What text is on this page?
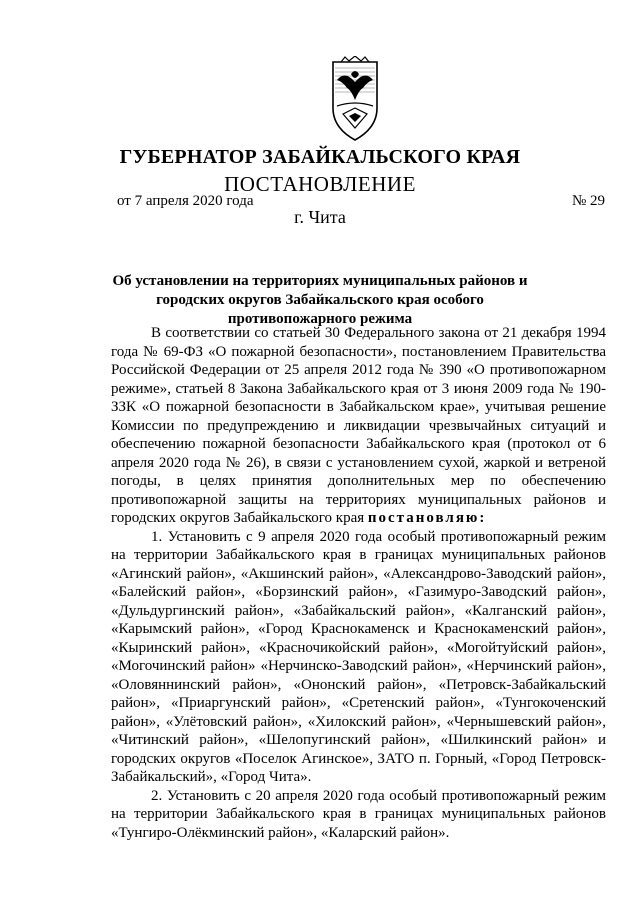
ГУБЕРНАТОР ЗАБАЙКАЛЬСКОГО КРАЯ
ПОСТАНОВЛЕНИЕ
от 7 апреля 2020 года	№ 29
г. Чита
Об установлении на территориях муниципальных районов и городских округов Забайкальского края особого противопожарного режима

В соответствии со статьей 30 Федерального закона от 21 декабря 1994 года № 69-ФЗ «О пожарной безопасности», постановлением Правительства Российской Федерации от 25 апреля 2012 года № 390 «О противопожарном режиме», статьей 8 Закона Забайкальского края от 3 июня 2009 года № 190-ЗЗК «О пожарной безопасности в Забайкальском крае», учитывая решение Комиссии по предупреждению и ликвидации чрезвычайных ситуаций и обеспечению пожарной безопасности Забайкальского края (протокол от 6 апреля 2020 года № 26), в связи с установлением сухой, жаркой и ветреной погоды, в целях принятия дополнительных мер по обеспечению противопожарной защиты на территориях муниципальных районов и городских округов Забайкальского края постановляю:

1. Установить с 9 апреля 2020 года особый противопожарный режим на территории Забайкальского края в границах муниципальных районов «Агинский район», «Акшинский район», «Александрово-Заводский район», «Балейский район», «Борзинский район», «Газимуро-Заводский район», «Дульдургинский район», «Забайкальский район», «Калганский район», «Карымский район», «Город Краснокаменск и Краснокаменский район», «Кыринский район», «Красночикойский район», «Могойтуйский район», «Могочинский район» «Нерчинско-Заводский район», «Нерчинский район», «Оловяннинский район», «Ононский район», «Петровск-Забайкальский район», «Приаргунский район», «Сретенский район», «Тунгокоченский район», «Улётовский район», «Хилокский район», «Чернышевский район», «Читинский район», «Шелопугинский район», «Шилкинский район» и городских округов «Поселок Агинское», ЗАТО п. Горный, «Город Петровск-Забайкальский», «Город Чита».

2. Установить с 20 апреля 2020 года особый противопожарный режим на территории Забайкальского края в границах муниципальных районов «Тунгиро-Олёкминский район», «Каларский район».
